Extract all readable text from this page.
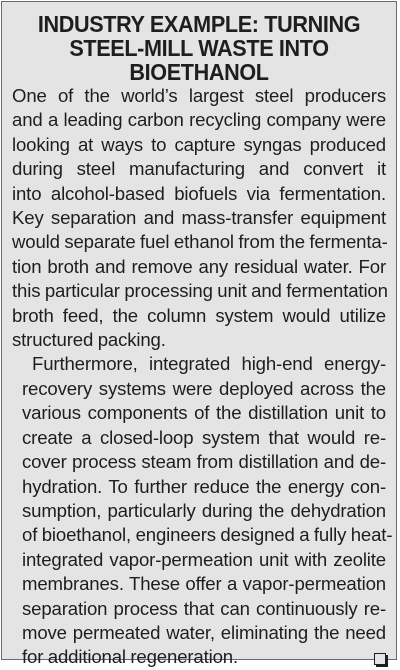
INDUSTRY EXAMPLE: TURNING
STEEL-MILL WASTE INTO
BIOETHANOL

One of the world’s largest steel producers
and a leading carbon recycling company were
looking at ways to capture syngas produced
during steel manufacturing and convert it
into alcohol-based biofuels via fermentation.
Key separation and mass-transfer equipment
would separate fuel ethanol from the fermenta-
tion broth and remove any residual water. For
this particular processing unit and fermentation
broth feed, the column system would utilize
structured packing.

Furthermore, integrated high-end energy-
recovery systems were deployed across the
various components of the distillation unit to
create a closed-loop system that would re-
cover process steam from distillation and de-
hydration. To further reduce the energy con-
sumption, particularly during the dehydration
of bioethanol, engineers designed a fully heat-
integrated vapor-permeation unit with zeolite
membranes. These offer a vapor-permeation
separation process that can continuously re-
move permeated water, eliminating the need
for additional regeneration.
